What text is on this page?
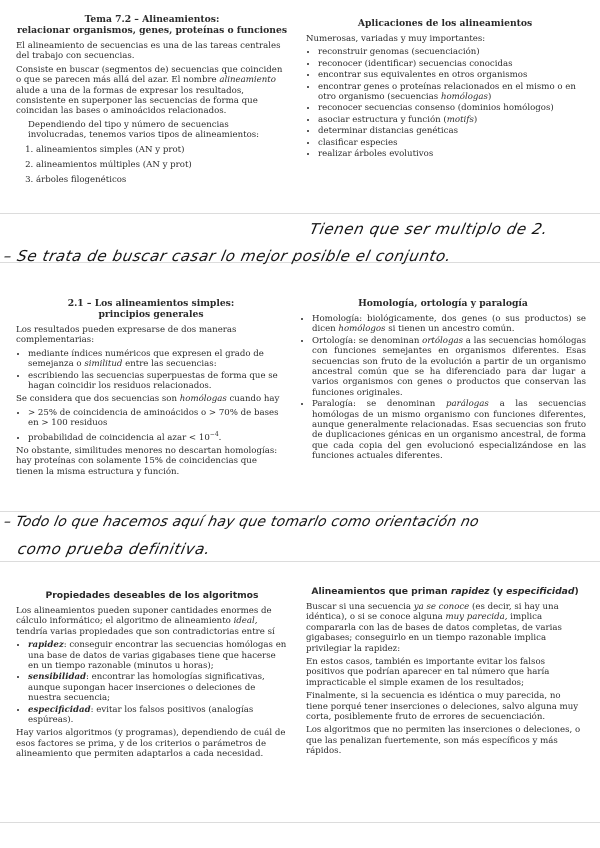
Tema 7.2 – Alineamientos:
relacionar organismos, genes, proteínas o funciones

El alineamiento de secuencias es una de las tareas centrales del trabajo con secuencias.

Consiste en buscar (segmentos de) secuencias que coinciden o que se parecen más allá del azar. El nombre alineamiento alude a una de la formas de expresar los resultados, consistente en superponer las secuencias de forma que coincidan las bases o aminoácidos relacionados.

Dependiendo del tipo y número de secuencias involucradas, tenemos varios tipos de alineamientos:

1. alineamientos simples (AN y prot)
2. alineamientos múltiples (AN y prot)
3. árboles filogenéticos
Aplicaciones de los alineamientos

Numerosas, variadas y muy importantes:

• reconstruir genomas (secuenciación)
• reconocer (identificar) secuencias conocidas
• encontrar sus equivalentes en otros organismos
• encontrar genes o proteínas relacionados en el mismo o en otro organismo (secuencias homólogas)
• reconocer secuencias consenso (dominios homólogos)
• asociar estructura y función (motifs)
• determinar distancias genéticas
• clasificar especies
• realizar árboles evolutivos
Tienen que ser multiplo de 2.
– Se trata de buscar casar lo mejor posible el conjunto.
2.1 – Los alineamientos simples:
principios generales

Los resultados pueden expresarse de dos maneras complementarias:

• mediante índices numéricos que expresen el grado de semejanza o similitud entre las secuencias:
• escribiendo las secuencias superpuestas de forma que se hagan coincidir los residuos relacionados.

Se considera que dos secuencias son homólogas cuando hay

• > 25% de coincidencia de aminoácidos o > 70% de bases en > 100 residuos
• probabilidad de coincidencia al azar < $10^{-4}$.

No obstante, similitudes menores no descartan homologías: hay proteínas con solamente 15% de coincidencias que tienen la misma estructura y función.

Homología, ortología y paralogía
• Homología: biológicamente, dos genes (o sus productos) se dicen homólogos si tienen un ancestro común.
• Ortología: se denominan ortólogas a las secuencias homólogas con funciones semejantes en organismos diferentes. Esas secuencias son fruto de la evolución a partir de un organismo ancestral común que se ha diferenciado para dar lugar a varios organismos con genes o productos que conservan las funciones originales.
• Paralogía: se denominan parálogas a las secuencias homólogas de un mismo organismo con funciones diferentes, aunque generalmente relacionadas. Esas secuencias son fruto de duplicaciones génicas en un organismo ancestral, de forma que cada copia del gen evolucionó especializándose en las funciones actuales diferentes.
– Todo lo que hacemos aquí hay que tomarlo como orientación no
como prueba definitiva.
Propiedades deseables de los algoritmos

Los alineamientos pueden suponer cantidades enormes de cálculo informático; el algoritmo de alineamiento ideal, tendría varias propiedades que son contradictorias entre sí

• rapidez: conseguir encontrar las secuencias homólogas en una base de datos de varias gigabases tiene que hacerse en un tiempo razonable (minutos u horas);
• sensibilidad: encontrar las homologías significativas, aunque supongan hacer inserciones o deleciones de nuestra secuencia;
• especificidad: evitar los falsos positivos (analogías espúreas).

Hay varios algoritmos (y programas), dependiendo de cuál de esos factores se prima, y de los criterios o parámetros de alineamiento que permiten adaptarlos a cada necesidad.

Alineamientos que priman rapidez (y especificidad)

Buscar si una secuencia ya se conoce (es decir, si hay una idéntica), o si se conoce alguna muy parecida, implica compararla con las de bases de datos completas, de varias gigabases; conseguirlo en un tiempo razonable implica privilegiar la rapidez:

En estos casos, también es importante evitar los falsos positivos que podrían aparecer en tal número que haría impracticable el simple examen de los resultados;

Finalmente, si la secuencia es idéntica o muy parecida, no tiene porqué tener inserciones o deleciones, salvo alguna muy corta, posiblemente fruto de errores de secuenciación.

Los algoritmos que no permiten las inserciones o deleciones, o que las penalizan fuertemente, son más específicos y más rápidos.
